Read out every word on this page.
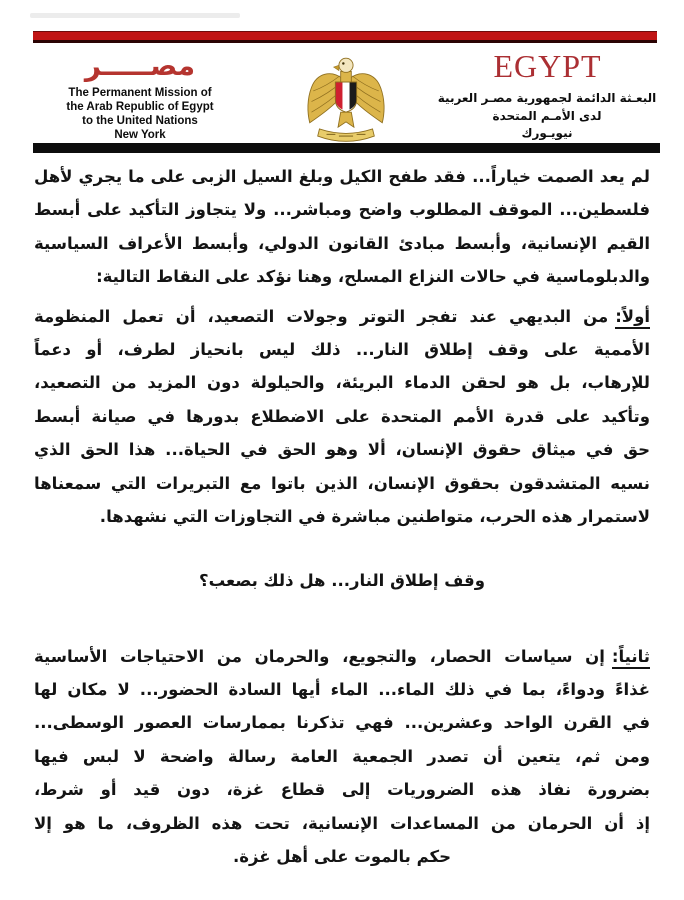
مصـــــر
The Permanent Mission of
the Arab Republic of Egypt
to the United Nations
New York
EGYPT
البعـثة الدائمة لجمهورية مصـر العربية
لدى الأمـم المتحدة
نيويـورك
لم يعد الصمت خياراً... فقد طفح الكيل وبلغ السيل الزبى على ما يجري لأهل
فلسطين... الموقف المطلوب واضح ومباشر... ولا يتجاوز التأكيد على أبسط
القيم الإنسانية، وأبسط مبادئ القانون الدولي، وأبسط الأعراف السياسية
والدبلوماسية في حالات النزاع المسلح، وهنا نؤكد على النقاط التالية:
أولاً:من البديهي عند تفجر التوتر وجولات التصعيد، أن تعمل المنظومة
الأممية على وقف إطلاق النار... ذلك ليس بانحياز لطرف، أو دعماً
للإرهاب، بل هو لحقن الدماء البريئة، والحيلولة دون المزيد من التصعيد،
وتأكيد على قدرة الأمم المتحدة على الاضطلاع بدورها في صيانة أبسط
حق في ميثاق حقوق الإنسان، ألا وهو الحق في الحياة... هذا الحق الذي
نسيه المتشدقون بحقوق الإنسان، الذين باتوا مع التبريرات التي سمعناها
لاستمرار هذه الحرب، متواطنين مباشرة في التجاوزات التي نشهدها.
وقف إطلاق النار... هل ذلك بصعب؟
ثانياً:إن سياسات الحصار، والتجويع، والحرمان من الاحتياجات الأساسية
غذاءً ودواءً، بما في ذلك الماء... الماء أيها السادة الحضور... لا مكان لها
في القرن الواحد وعشرين... فهي تذكرنا بممارسات العصور الوسطى...
ومن ثم، يتعين أن تصدر الجمعية العامة رسالة واضحة لا لبس فيها
بضرورة نفاذ هذه الضروريات إلى قطاع غزة، دون قيد أو شرط،
إذ أن الحرمان من المساعدات الإنسانية، تحت هذه الظروف، ما هو إلا
حكم بالموت على أهل غزة.
